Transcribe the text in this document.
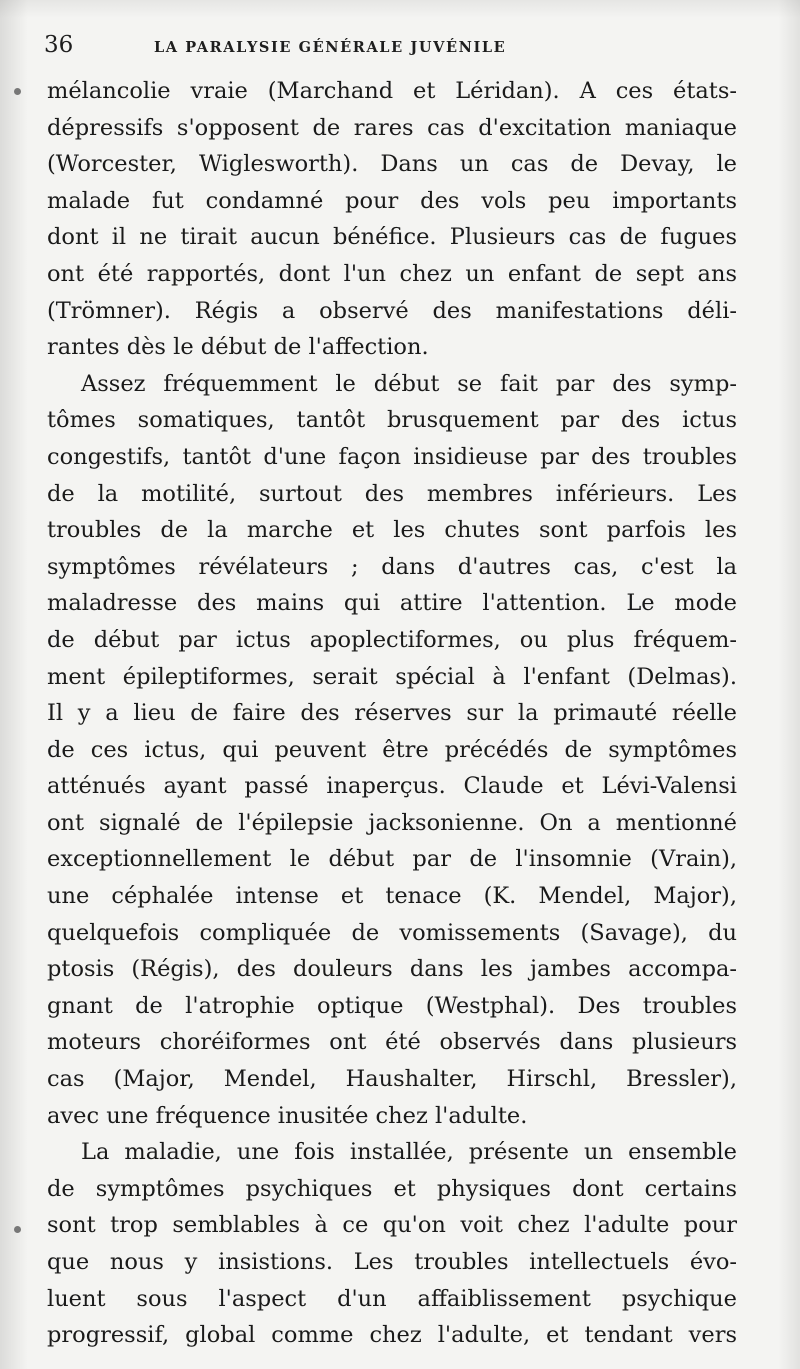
36	LA PARALYSIE GÉNÉRALE JUVÉNILE
mélancolie vraie (Marchand et Léridan). A ces états-
dépressifs s'opposent de rares cas d'excitation maniaque
(Worcester, Wiglesworth). Dans un cas de Devay, le
malade fut condamné pour des vols peu importants
dont il ne tirait aucun bénéfice. Plusieurs cas de fugues
ont été rapportés, dont l'un chez un enfant de sept ans
(Trömner). Régis a observé des manifestations déli-
rantes dès le début de l'affection.
Assez fréquemment le début se fait par des symp-
tômes somatiques, tantôt brusquement par des ictus
congestifs, tantôt d'une façon insidieuse par des troubles
de la motilité, surtout des membres inférieurs. Les
troubles de la marche et les chutes sont parfois les
symptômes révélateurs ; dans d'autres cas, c'est la
maladresse des mains qui attire l'attention. Le mode
de début par ictus apoplectiformes, ou plus fréquem-
ment épileptiformes, serait spécial à l'enfant (Delmas).
Il y a lieu de faire des réserves sur la primauté réelle
de ces ictus, qui peuvent être précédés de symptômes
atténués ayant passé inaperçus. Claude et Lévi-Valensi
ont signalé de l'épilepsie jacksonienne. On a mentionné
exceptionnellement le début par de l'insomnie (Vrain),
une céphalée intense et tenace (K. Mendel, Major),
quelquefois compliquée de vomissements (Savage), du
ptosis (Régis), des douleurs dans les jambes accompa-
gnant de l'atrophie optique (Westphal). Des troubles
moteurs choréiformes ont été observés dans plusieurs
cas (Major, Mendel, Haushalter, Hirschl, Bressler),
avec une fréquence inusitée chez l'adulte.
La maladie, une fois installée, présente un ensemble
de symptômes psychiques et physiques dont certains
sont trop semblables à ce qu'on voit chez l'adulte pour
que nous y insistions. Les troubles intellectuels évo-
luent sous l'aspect d'un affaiblissement psychique
progressif, global comme chez l'adulte, et tendant vers
